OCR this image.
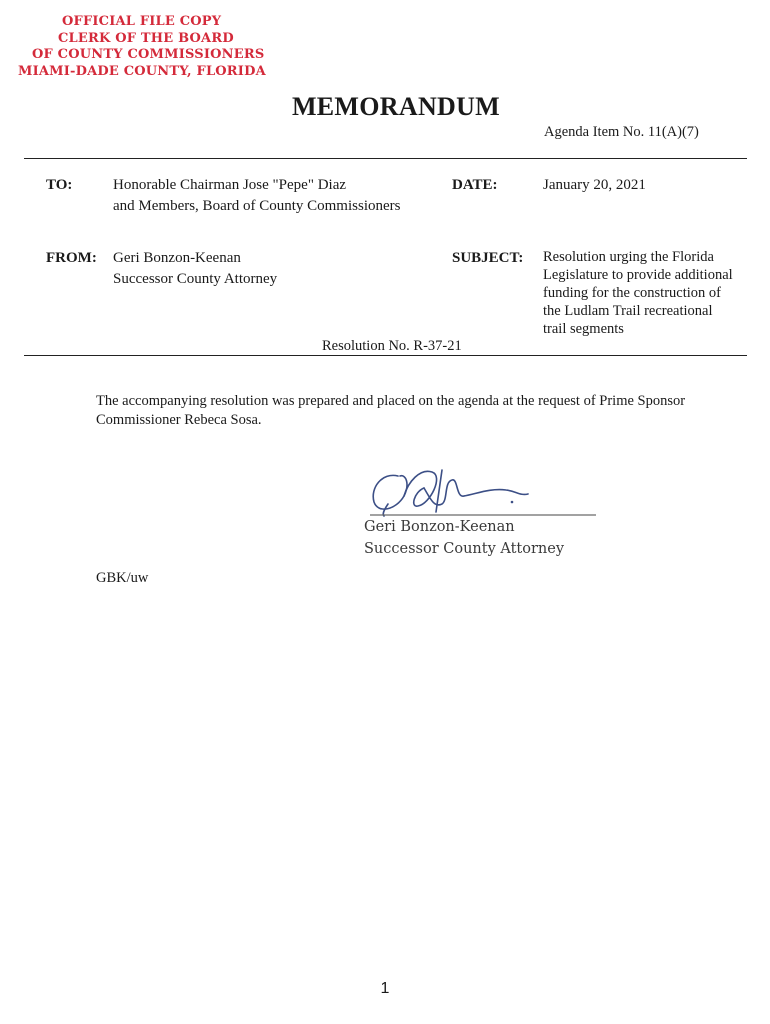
OFFICIAL FILE COPY
CLERK OF THE BOARD
OF COUNTY COMMISSIONERS
MIAMI-DADE COUNTY, FLORIDA
MEMORANDUM
Agenda Item No. 11(A)(7)
TO:	Honorable Chairman Jose "Pepe" Diaz
and Members, Board of County Commissioners
DATE:	January 20, 2021
FROM: Geri Bonzon-Keenan
Successor County Attorney
SUBJECT: Resolution urging the Florida
Legislature to provide additional
funding for the construction of
the Ludlam Trail recreational
trail segments
Resolution No. R-37-21
The accompanying resolution was prepared and placed on the agenda at the request of Prime Sponsor Commissioner Rebeca Sosa.
Geri Bonzon-Keenan
Successor County Attorney
GBK/uw
1
